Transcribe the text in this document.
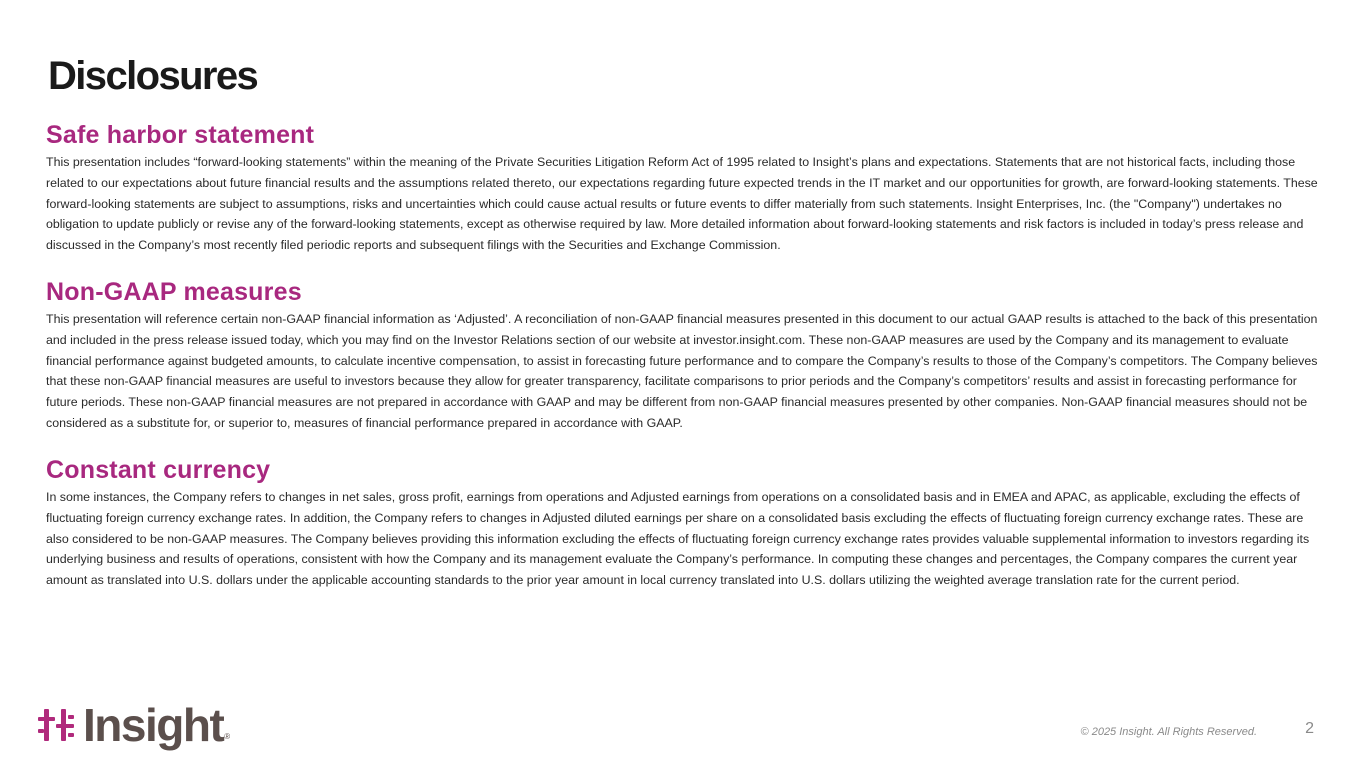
Disclosures
Safe harbor statement

This presentation includes “forward-looking statements” within the meaning of the Private Securities Litigation Reform Act of 1995 related to Insight’s plans and expectations. Statements that are not historical facts, including those related to our expectations about future financial results and the assumptions related thereto, our expectations regarding future expected trends in the IT market and our opportunities for growth, are forward-looking statements. These forward-looking statements are subject to assumptions, risks and uncertainties which could cause actual results or future events to differ materially from such statements. Insight Enterprises, Inc. (the "Company") undertakes no obligation to update publicly or revise any of the forward-looking statements, except as otherwise required by law. More detailed information about forward-looking statements and risk factors is included in today’s press release and discussed in the Company’s most recently filed periodic reports and subsequent filings with the Securities and Exchange Commission.

Non-GAAP measures

This presentation will reference certain non-GAAP financial information as ‘Adjusted’. A reconciliation of non-GAAP financial measures presented in this document to our actual GAAP results is attached to the back of this presentation and included in the press release issued today, which you may find on the Investor Relations section of our website at investor.insight.com. These non-GAAP measures are used by the Company and its management to evaluate financial performance against budgeted amounts, to calculate incentive compensation, to assist in forecasting future performance and to compare the Company’s results to those of the Company’s competitors. The Company believes that these non-GAAP financial measures are useful to investors because they allow for greater transparency, facilitate comparisons to prior periods and the Company’s competitors’ results and assist in forecasting performance for future periods. These non-GAAP financial measures are not prepared in accordance with GAAP and may be different from non-GAAP financial measures presented by other companies. Non-GAAP financial measures should not be considered as a substitute for, or superior to, measures of financial performance prepared in accordance with GAAP.

Constant currency

In some instances, the Company refers to changes in net sales, gross profit, earnings from operations and Adjusted earnings from operations on a consolidated basis and in EMEA and APAC, as applicable, excluding the effects of fluctuating foreign currency exchange rates. In addition, the Company refers to changes in Adjusted diluted earnings per share on a consolidated basis excluding the effects of fluctuating foreign currency exchange rates. These are also considered to be non-GAAP measures. The Company believes providing this information excluding the effects of fluctuating foreign currency exchange rates provides valuable supplemental information to investors regarding its underlying business and results of operations, consistent with how the Company and its management evaluate the Company’s performance. In computing these changes and percentages, the Company compares the current year amount as translated into U.S. dollars under the applicable accounting standards to the prior year amount in local currency translated into U.S. dollars utilizing the weighted average translation rate for the current period.

Insight ®	© 2025 Insight. All Rights Reserved.	2
